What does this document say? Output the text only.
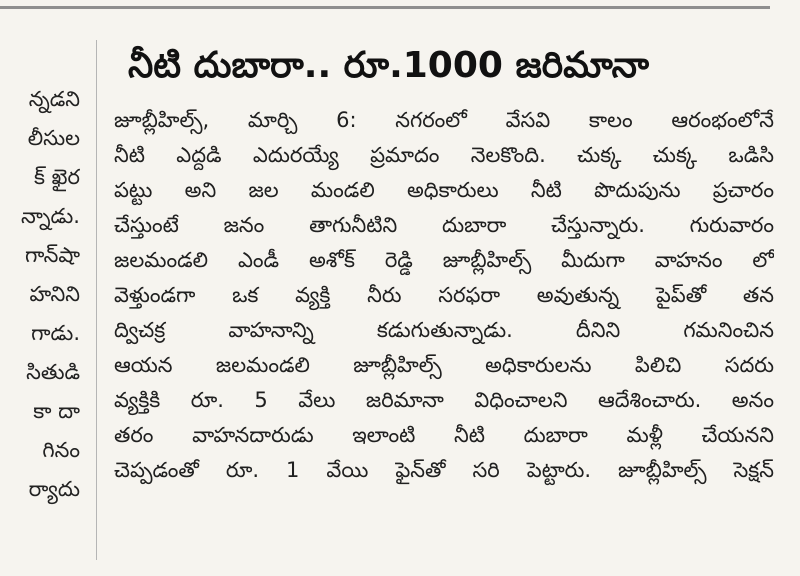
న్నడని
లీసుల
క్ ఖైర
న్నాడు.
గాన్‌షా
హనిని
గాడు.
సితుడి
కా దా
గినం
ర్యాదు
నీటి దుబారా.. రూ.1000 జరిమానా
జూబ్లీహిల్స్, మార్చి 6: నగరంలో వేసవి కాలం ఆరంభంలోనే
నీటి ఎద్దడి ఎదురయ్యే ప్రమాదం నెలకొంది. చుక్క చుక్క ఒడిసి
పట్టు అని జల మండలి అధికారులు నీటి పొదుపును ప్రచారం
చేస్తుంటే జనం తాగునీటిని దుబారా చేస్తున్నారు. గురువారం
జలమండలి ఎండీ అశోక్ రెడ్డి జూబ్లీహిల్స్ మీదుగా వాహనం లో
వెళ్తుండగా ఒక వ్యక్తి నీరు సరఫరా అవుతున్న పైప్‌తో తన
ద్విచక్ర వాహనాన్ని కడుగుతున్నాడు. దీనిని గమనించిన
ఆయన జలమండలి జూబ్లీహిల్స్ అధికారులను పిలిచి సదరు
వ్యక్తికి రూ. 5 వేలు జరిమానా విధించాలని ఆదేశించారు. అనం
తరం వాహనదారుడు ఇలాంటి నీటి దుబారా మళ్లీ చేయనని
చెప్పడంతో రూ. 1 వేయి ఫైన్‌తో సరి పెట్టారు. జూబ్లీహిల్స్ సెక్షన్
